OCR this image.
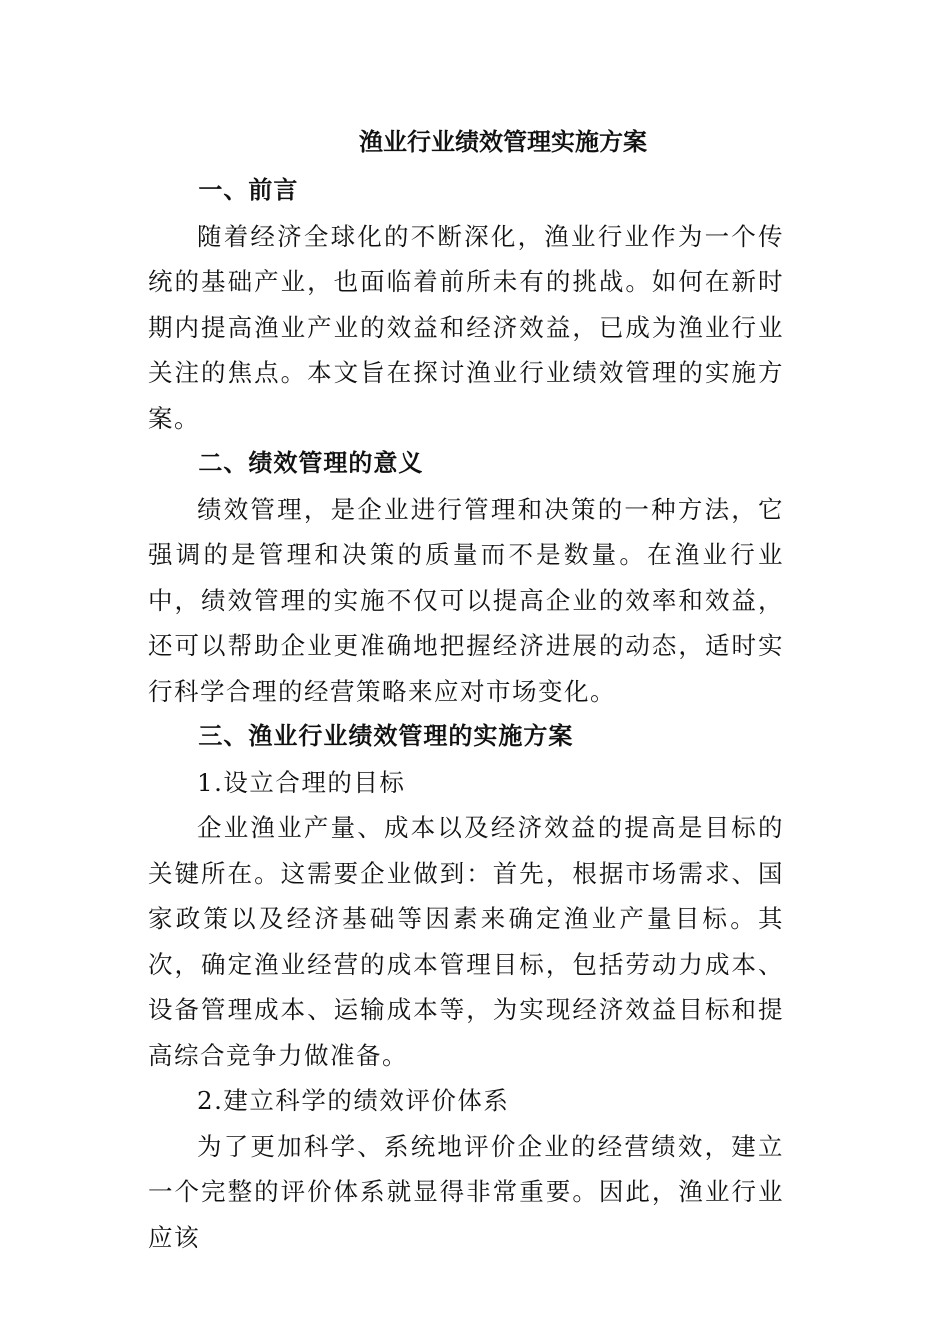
渔业行业绩效管理实施方案
一、前言

随着经济全球化的不断深化，渔业行业作为一个传统的基础产业，也面临着前所未有的挑战。如何在新时期内提高渔业产业的效益和经济效益，已成为渔业行业关注的焦点。本文旨在探讨渔业行业绩效管理的实施方案。

二、绩效管理的意义

绩效管理，是企业进行管理和决策的一种方法，它强调的是管理和决策的质量而不是数量。在渔业行业中，绩效管理的实施不仅可以提高企业的效率和效益，还可以帮助企业更准确地把握经济进展的动态，适时实行科学合理的经营策略来应对市场变化。

三、渔业行业绩效管理的实施方案

1.设立合理的目标

企业渔业产量、成本以及经济效益的提高是目标的关键所在。这需要企业做到：首先，根据市场需求、国家政策以及经济基础等因素来确定渔业产量目标。其次，确定渔业经营的成本管理目标，包括劳动力成本、设备管理成本、运输成本等，为实现经济效益目标和提高综合竞争力做准备。

2.建立科学的绩效评价体系

为了更加科学、系统地评价企业的经营绩效，建立一个完整的评价体系就显得非常重要。因此，渔业行业应该
